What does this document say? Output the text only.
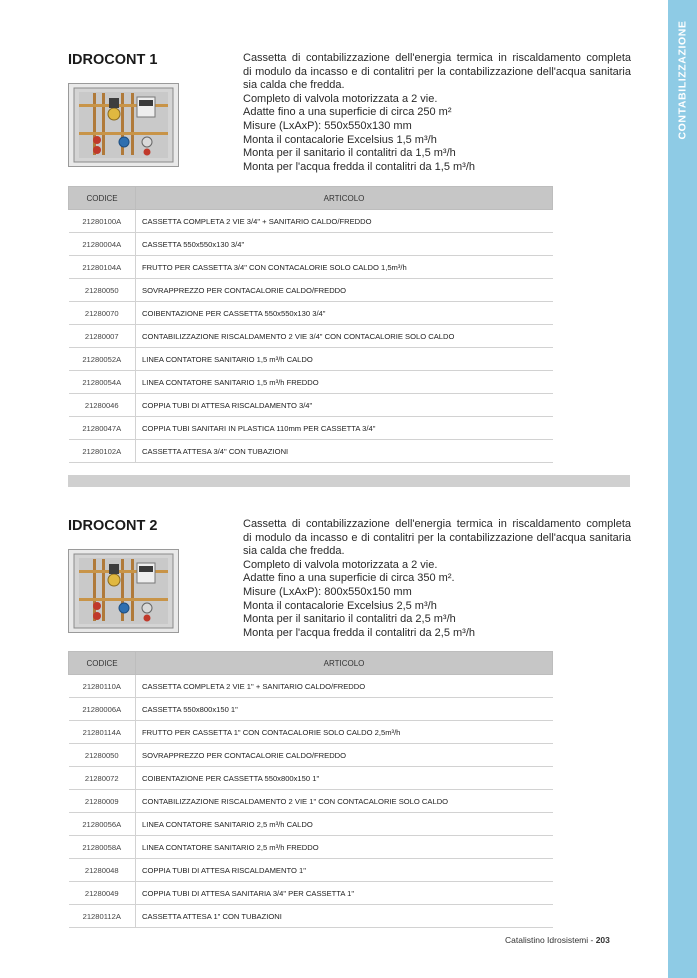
CONTABILIZZAZIONE
IDROCONT 1	Cassetta di contabilizzazione dell'energia termica in riscaldamento completa
di modulo da incasso e di contalitri per la contabilizzazione dell'acqua sanitaria
sia calda che fredda.
Completo di valvola motorizzata a 2 vie.
Adatte fino a una superficie di circa 250 m²
Misure (LxAxP): 550x550x130 mm
Monta il contacalorie Excelsius 1,5 m³/h
Monta per il sanitario il contalitri da 1,5 m³/h
Monta per l'acqua fredda il contalitri da 1,5 m³/h
CODICE	ARTICOLO
21280100A	CASSETTA COMPLETA 2 VIE 3/4" + SANITARIO CALDO/FREDDO
21280004A	CASSETTA 550x550x130 3/4"
21280104A	FRUTTO PER CASSETTA 3/4" CON CONTACALORIE SOLO CALDO 1,5m³/h
21280050	SOVRAPPREZZO PER CONTACALORIE CALDO/FREDDO
21280070	COIBENTAZIONE PER CASSETTA 550x550x130 3/4"
21280007	CONTABILIZZAZIONE RISCALDAMENTO 2 VIE 3/4" CON CONTACALORIE SOLO CALDO
21280052A	LINEA CONTATORE SANITARIO 1,5 m³/h CALDO
21280054A	LINEA CONTATORE SANITARIO 1,5 m³/h FREDDO
21280046	COPPIA TUBI DI ATTESA RISCALDAMENTO 3/4"
21280047A	COPPIA TUBI SANITARI IN PLASTICA 110mm PER CASSETTA 3/4"
21280102A	CASSETTA ATTESA 3/4" CON TUBAZIONI
IDROCONT 2	Cassetta di contabilizzazione dell'energia termica in riscaldamento completa
di modulo da incasso e di contalitri per la contabilizzazione dell'acqua sanitaria
sia calda che fredda.
Completo di valvola motorizzata a 2 vie.
Adatte fino a una superficie di circa 350 m².
Misure (LxAxP): 800x550x150 mm
Monta il contacalorie Excelsius 2,5 m³/h
Monta per il sanitario il contalitri da 2,5 m³/h
Monta per l'acqua fredda il contalitri da 2,5 m³/h
CODICE	ARTICOLO
21280110A	CASSETTA COMPLETA 2 VIE 1" + SANITARIO CALDO/FREDDO
21280006A	CASSETTA 550x800x150 1"
21280114A	FRUTTO PER CASSETTA 1" CON CONTACALORIE SOLO CALDO 2,5m³/h
21280050	SOVRAPPREZZO PER CONTACALORIE CALDO/FREDDO
21280072	COIBENTAZIONE PER CASSETTA 550x800x150 1"
21280009	CONTABILIZZAZIONE RISCALDAMENTO 2 VIE 1" CON CONTACALORIE SOLO CALDO
21280056A	LINEA CONTATORE SANITARIO 2,5 m³/h CALDO
21280058A	LINEA CONTATORE SANITARIO 2,5 m³/h FREDDO
21280048	COPPIA TUBI DI ATTESA RISCALDAMENTO 1"
21280049	COPPIA TUBI DI ATTESA SANITARIA 3/4" PER CASSETTA 1"
21280112A	CASSETTA ATTESA 1" CON TUBAZIONI
Catalistino Idrosistemi - 203
